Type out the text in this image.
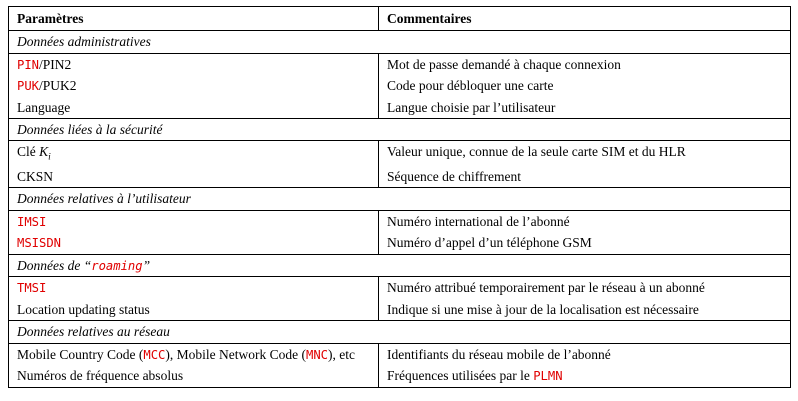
Paramètres	Commentaires
Données administratives	
PIN/PIN2	Mot de passe demandé à chaque connexion
PUK/PUK2	Code pour débloquer une carte
Language	Langue choisie par l’utilisateur
Données liées à la sécurité	
Clé $K_i$	Valeur unique, connue de la seule carte SIM et du HLR
CKSN	Séquence de chiffrement
Données relatives à l’utilisateur	
IMSI	Numéro international de l’abonné
MSISDN	Numéro d’appel d’un téléphone GSM
Données de “roaming”	
TMSI	Numéro attribué temporairement par le réseau à un abonné
Location updating status	Indique si une mise à jour de la localisation est nécessaire
Données relatives au réseau	
Mobile Country Code (MCC), Mobile Network Code (MNC), etc	Identifiants du réseau mobile de l’abonné
Numéros de fréquence absolus	Fréquences utilisées par le PLMN
